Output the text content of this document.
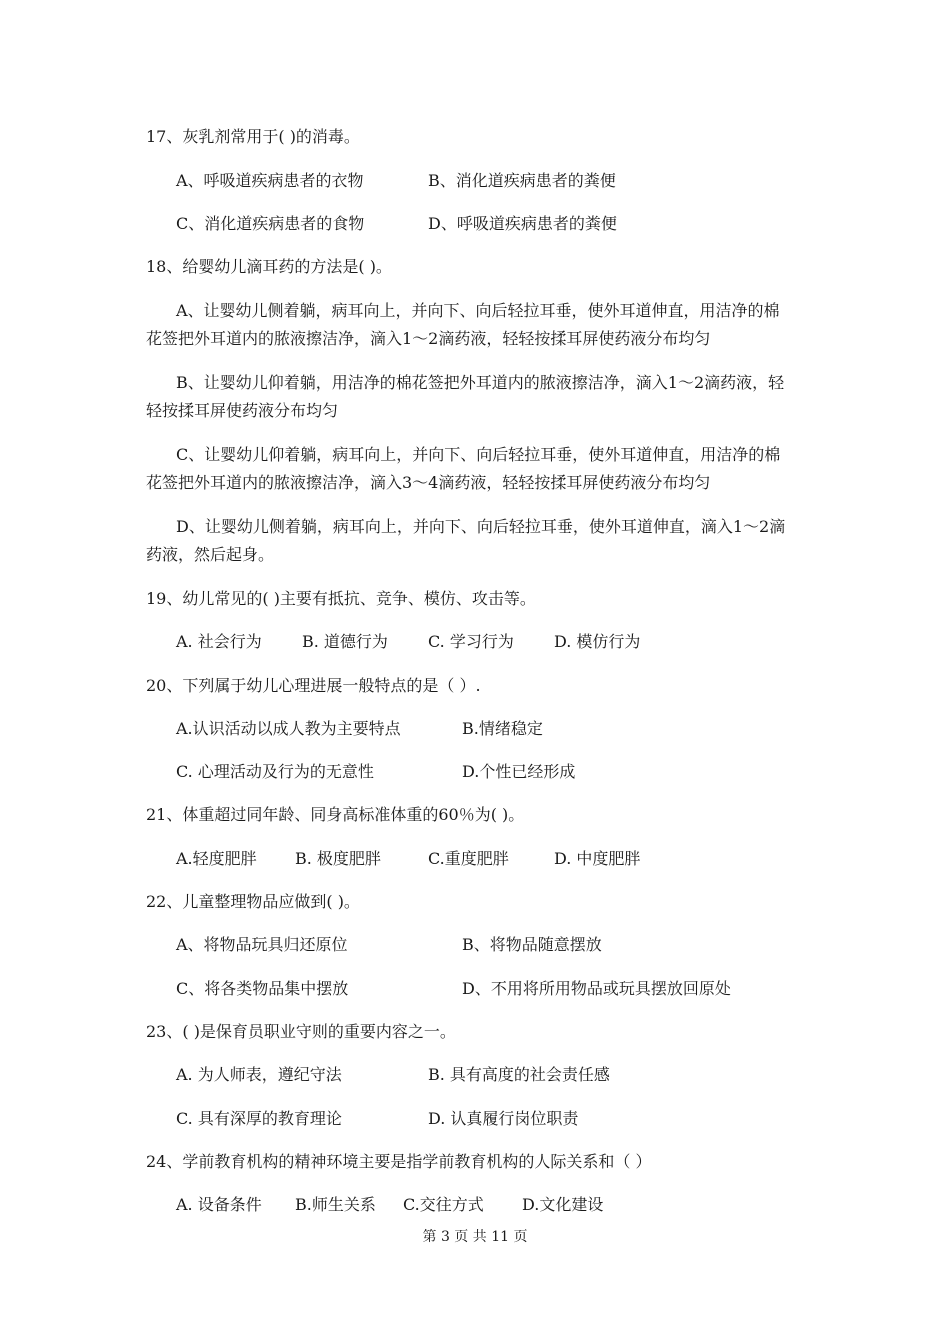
17、灰乳剂常用于( )的消毒。
A、呼吸道疾病患者的衣物	B、消化道疾病患者的粪便
C、消化道疾病患者的食物	D、呼吸道疾病患者的粪便
18、给婴幼儿滴耳药的方法是( )。
A、让婴幼儿侧着躺，病耳向上，并向下、向后轻拉耳垂，使外耳道伸直，用洁净的棉
花签把外耳道内的脓液擦洁净，滴入1～2滴药液，轻轻按揉耳屏使药液分布均匀
B、让婴幼儿仰着躺，用洁净的棉花签把外耳道内的脓液擦洁净，滴入1～2滴药液，轻
轻按揉耳屏使药液分布均匀
C、让婴幼儿仰着躺，病耳向上，并向下、向后轻拉耳垂，使外耳道伸直，用洁净的棉
花签把外耳道内的脓液擦洁净，滴入3～4滴药液，轻轻按揉耳屏使药液分布均匀
D、让婴幼儿侧着躺，病耳向上，并向下、向后轻拉耳垂，使外耳道伸直，滴入1～2滴
药液，然后起身。
19、幼儿常见的( )主要有抵抗、竞争、模仿、攻击等。
A. 社会行为	B. 道德行为	C. 学习行为	D. 模仿行为
20、下列属于幼儿心理进展一般特点的是（ ）.
A.认识活动以成人教为主要特点	B.情绪稳定
C. 心理活动及行为的无意性	D.个性已经形成
21、体重超过同年龄、同身高标准体重的60％为( )。
A.轻度肥胖 B. 极度肥胖	C.重度肥胖	D. 中度肥胖
22、儿童整理物品应做到( )。
A、将物品玩具归还原位	B、将物品随意摆放
C、将各类物品集中摆放	D、不用将所用物品或玩具摆放回原处
23、( )是保育员职业守则的重要内容之一。
A. 为人师表，遵纪守法	B. 具有高度的社会责任感
C. 具有深厚的教育理论	D. 认真履行岗位职责
24、学前教育机构的精神环境主要是指学前教育机构的人际关系和（ ）
A. 设备条件 B.师生关系 C.交往方式 D.文化建设
第 3 页 共 11 页
